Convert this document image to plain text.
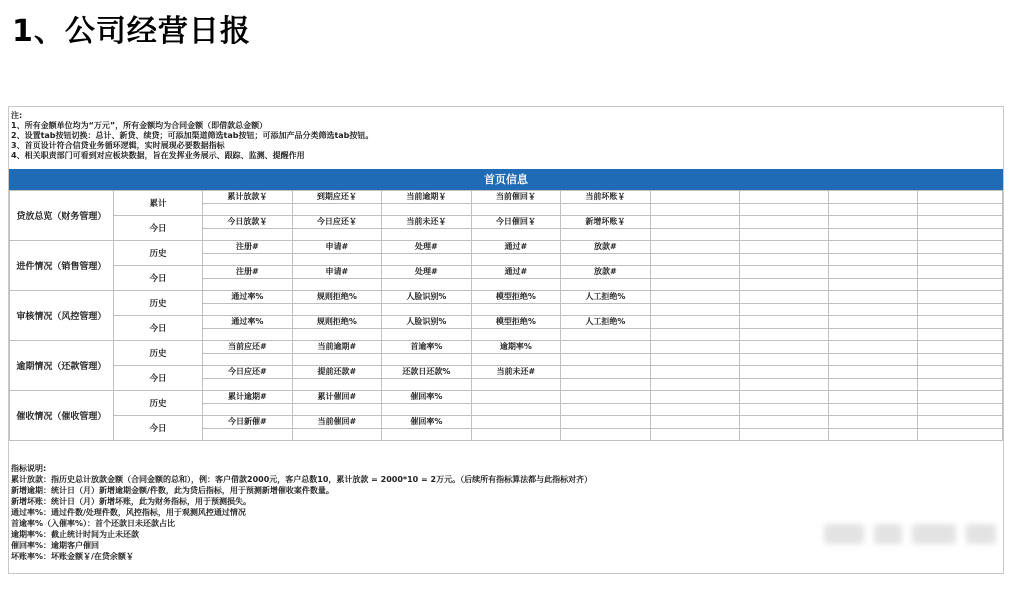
1、公司经营日报
注:
1、所有金额单位均为“万元”，所有金额均为合同金额（即借款总金额）
2、设置tab按钮切换：总计、新贷、续贷；可添加渠道筛选tab按钮；可添加产品分类筛选tab按钮。
3、首页设计符合信贷业务循环逻辑，实时展现必要数据指标
4、相关职责部门可看到对应板块数据，旨在发挥业务展示、跟踪、监测、提醒作用
首页信息
贷放总览（财务管理）	累计	累计放款￥	到期应还￥	当前逾期￥	当前催回￥	当前坏账￥				

	今日	今日放款￥	今日应还￥	当前未还￥	今日催回￥	新增坏账￥				

进件情况（销售管理）	历史	注册#	申请#	处理#	通过#	放款#				

	今日	注册#	申请#	处理#	通过#	放款#				

审核情况（风控管理）	历史	通过率%	规则拒绝%	人脸识别%	模型拒绝%	人工拒绝%				

	今日	通过率%	规则拒绝%	人脸识别%	模型拒绝%	人工拒绝%				

逾期情况（还款管理）	历史	当前应还#	当前逾期#	首逾率%	逾期率%					

	今日	今日应还#	提前还款#	还款日还款%	当前未还#					

催收情况（催收管理）	历史	累计逾期#	累计催回#	催回率%						

	今日	今日新催#	当前催回#	催回率%						

指标说明:
累计放款：指历史总计放款金额（合同金额的总和），例：客户借款2000元，客户总数10，累计放款 = 2000*10 = 2万元。（后续所有指标算法都与此指标对齐）
新增逾期：统计日（月）新增逾期金额/件数，此为贷后指标，用于预测新增催收案件数量。
新增坏账：统计日（月）新增坏账，此为财务指标，用于预测损失。
通过率%：通过件数/处理件数，风控指标，用于观测风控通过情况
首逾率%（入催率%）：首个还款日未还款占比
逾期率%：截止统计时间为止未还款
催回率%：逾期客户催回
坏账率%：坏账金额￥/在贷余额￥
